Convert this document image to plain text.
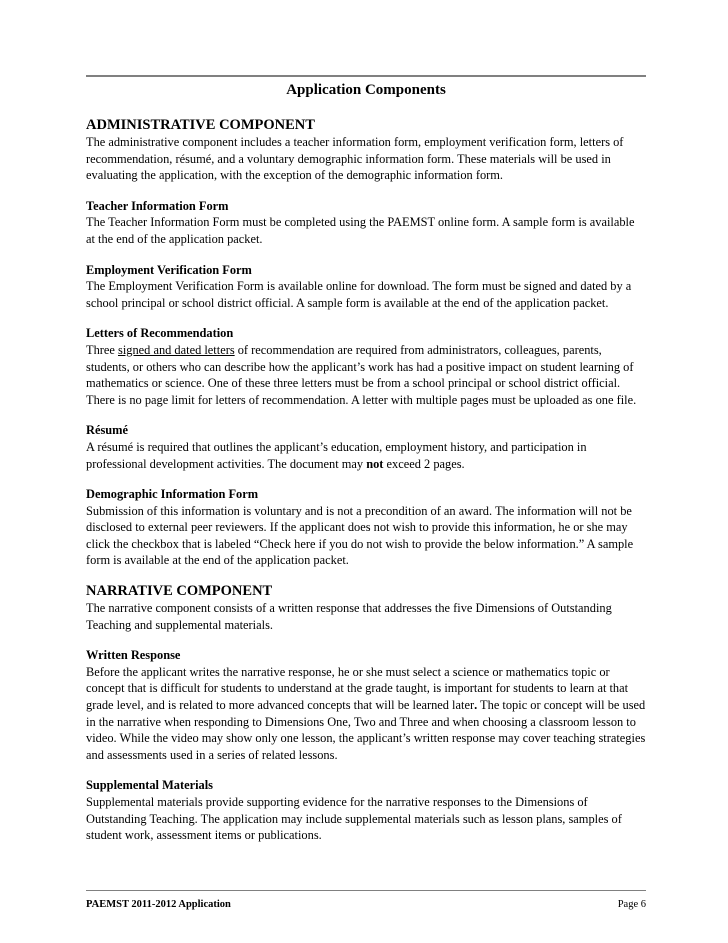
Application Components

ADMINISTRATIVE COMPONENT

The administrative component includes a teacher information form, employment verification form, letters of recommendation, résumé, and a voluntary demographic information form. These materials will be used in evaluating the application, with the exception of the demographic information form.

Teacher Information Form

The Teacher Information Form must be completed using the PAEMST online form. A sample form is available at the end of the application packet.

Employment Verification Form

The Employment Verification Form is available online for download. The form must be signed and dated by a school principal or school district official. A sample form is available at the end of the application packet.

Letters of Recommendation

Three signed and dated letters of recommendation are required from administrators, colleagues, parents, students, or others who can describe how the applicant’s work has had a positive impact on student learning of mathematics or science. One of these three letters must be from a school principal or school district official. There is no page limit for letters of recommendation. A letter with multiple pages must be uploaded as one file.

Résumé

A résumé is required that outlines the applicant’s education, employment history, and participation in professional development activities. The document may not exceed 2 pages.

Demographic Information Form

Submission of this information is voluntary and is not a precondition of an award. The information will not be disclosed to external peer reviewers. If the applicant does not wish to provide this information, he or she may click the checkbox that is labeled “Check here if you do not wish to provide the below information.” A sample form is available at the end of the application packet.

NARRATIVE COMPONENT

The narrative component consists of a written response that addresses the five Dimensions of Outstanding Teaching and supplemental materials.

Written Response

Before the applicant writes the narrative response, he or she must select a science or mathematics topic or concept that is difficult for students to understand at the grade taught, is important for students to learn at that grade level, and is related to more advanced concepts that will be learned later. The topic or concept will be used in the narrative when responding to Dimensions One, Two and Three and when choosing a classroom lesson to video. While the video may show only one lesson, the applicant’s written response may cover teaching strategies and assessments used in a series of related lessons.

Supplemental Materials

Supplemental materials provide supporting evidence for the narrative responses to the Dimensions of Outstanding Teaching. The application may include supplemental materials such as lesson plans, samples of student work, assessment items or publications.

PAEMST 2011-2012 Application	Page 6
